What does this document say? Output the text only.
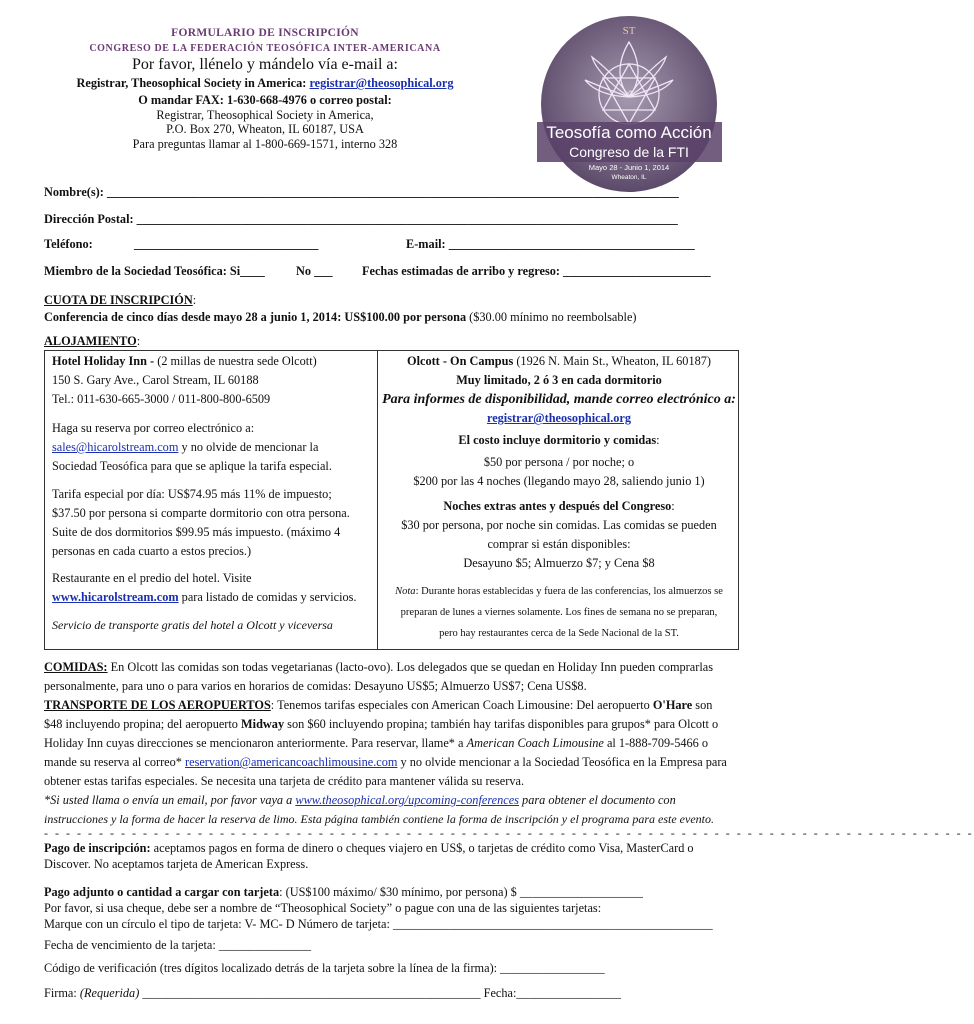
FORMULARIO DE INSCRIPCIÓN
CONGRESO DE LA FEDERACIÓN TEOSÓFICA INTER-AMERICANA
Por favor, llénelo y mándelo vía e-mail a:
Registrar, Theosophical Society in America: registrar@theosophical.org
O mandar FAX: 1-630-668-4976 o correo postal:
Registrar, Theosophical Society in America,
P.O. Box 270, Wheaton, IL 60187, USA
Para preguntas llamar al 1-800-669-1571, interno 328
ST
ॐ
Teosofía como Acción
Congreso de la FTI
Mayo 28 - Junio 1, 2014
Wheaton, IL
Nombre(s): _____________________________________________________________________________________________
Dirección Postal: ________________________________________________________________________________________
Teléfono:	______________________________	E-mail: ________________________________________
Miembro de la Sociedad Teosófica: Si____	No ___ Fechas estimadas de arribo y regreso: ________________________
CUOTA DE INSCRIPCIÓN:
Conferencia de cinco días desde mayo 28 a junio 1, 2014: US$100.00 por persona ($30.00 mínimo no reembolsable)
ALOJAMIENTO:
Hotel Holiday Inn - (2 millas de nuestra sede Olcott)
150 S. Gary Ave., Carol Stream, IL 60188
Tel.: 011-630-665-3000 / 011-800-800-6509
Haga su reserva por correo electrónico a:
sales@hicarolstream.com y no olvide de mencionar la
Sociedad Teosófica para que se aplique la tarifa especial.
Tarifa especial por día: US$74.95 más 11% de impuesto;
$37.50 por persona si comparte dormitorio con otra persona.
Suite de dos dormitorios $99.95 más impuesto. (máximo 4
personas en cada cuarto a estos precios.)
Restaurante en el predio del hotel. Visite
www.hicarolstream.com para listado de comidas y servicios.
Servicio de transporte gratis del hotel a Olcott y viceversa
Olcott - On Campus (1926 N. Main St., Wheaton, IL 60187)
Muy limitado, 2 ó 3 en cada dormitorio
Para informes de disponibilidad, mande correo electrónico a:
registrar@theosophical.org
El costo incluye dormitorio y comidas:
$50 por persona / por noche; o
$200 por las 4 noches (llegando mayo 28, saliendo junio 1)
Noches extras antes y después del Congreso:
$30 por persona, por noche sin comidas. Las comidas se pueden
comprar si están disponibles:
Desayuno $5; Almuerzo $7; y Cena $8
Nota: Durante horas establecidas y fuera de las conferencias, los almuerzos se
preparan de lunes a viernes solamente. Los fines de semana no se preparan,
pero hay restaurantes cerca de la Sede Nacional de la ST.
COMIDAS: En Olcott las comidas son todas vegetarianas (lacto-ovo). Los delegados que se quedan en Holiday Inn pueden comprarlas
personalmente, para uno o para varios en horarios de comidas: Desayuno US$5; Almuerzo US$7; Cena US$8.
TRANSPORTE DE LOS AEROPUERTOS: Tenemos tarifas especiales con American Coach Limousine: Del aeropuerto O'Hare son
$48 incluyendo propina; del aeropuerto Midway son $60 incluyendo propina; también hay tarifas disponibles para grupos* para Olcott o
Holiday Inn cuyas direcciones se mencionaron anteriormente. Para reservar, llame* a American Coach Limousine al 1-888-709-5466 o
mande su reserva al correo* reservation@americancoachlimousine.com y no olvide mencionar a la Sociedad Teosófica en la Empresa para
obtener estas tarifas especiales. Se necesita una tarjeta de crédito para mantener válida su reserva.
*Si usted llama o envía un email, por favor vaya a www.theosophical.org/upcoming-conferences para obtener el documento con
instrucciones y la forma de hacer la reserva de limo. Esta página también contiene la forma de inscripción y el programa para este evento.
- - - - - - - - - - - - - - - - - - - - - - - - - - - - - - - - - - - - - - - - - - - - - - - - - - - - - - - - - - - - - - - - - - - - - - - - - - - - - - - - - - - - -
Pago de inscripción: aceptamos pagos en forma de dinero o cheques viajero en US$, o tarjetas de crédito como Visa, MasterCard o
Discover. No aceptamos tarjeta de American Express.
Pago adjunto o cantidad a cargar con tarjeta: (US$100 máximo/ $30 mínimo, por persona) $ ____________________
Por favor, si usa cheque, debe ser a nombre de “Theosophical Society” o pague con una de las siguientes tarjetas:
Marque con un círculo el tipo de tarjeta: V- MC- D Número de tarjeta: ____________________________________________________
Fecha de vencimiento de la tarjeta: _______________
Código de verificación (tres dígitos localizado detrás de la tarjeta sobre la línea de la firma): _________________
Firma: (Requerida) _______________________________________________________ Fecha:_________________
